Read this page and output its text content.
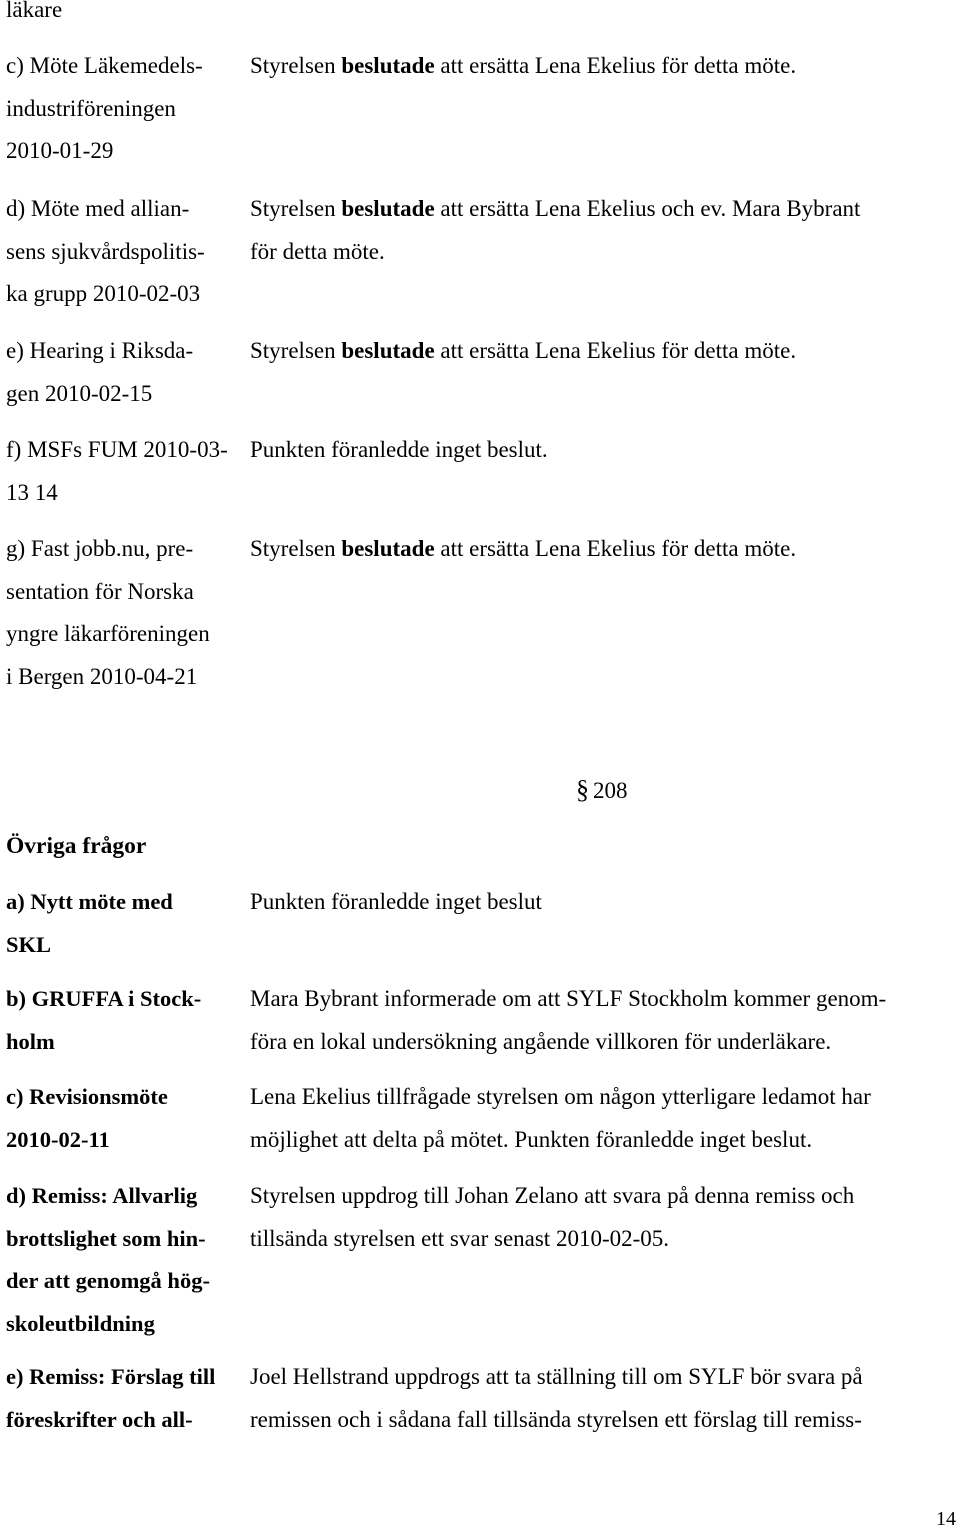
läkare
c) Möte Läkemedels-
industriföreningen
2010-01-29
Styrelsen beslutade att ersätta Lena Ekelius för detta möte.
d) Möte med allian-
sens sjukvårdspolitis-
ka grupp 2010-02-03
Styrelsen beslutade att ersätta Lena Ekelius och ev. Mara Bybrant
för detta möte.
e) Hearing i Riksda-
gen 2010-02-15
Styrelsen beslutade att ersätta Lena Ekelius för detta möte.
f) MSFs FUM 2010-03-
13 14
Punkten föranledde inget beslut.
g) Fast jobb.nu, pre-
sentation för Norska
yngre läkarföreningen
i Bergen 2010-04-21
Styrelsen beslutade att ersätta Lena Ekelius för detta möte.
§ 208
Övriga frågor
a) Nytt möte med
SKL
Punkten föranledde inget beslut
b) GRUFFA i Stock-
holm
Mara Bybrant informerade om att SYLF Stockholm kommer genom-
föra en lokal undersökning angående villkoren för underläkare.
c) Revisionsmöte
2010-02-11
Lena Ekelius tillfrågade styrelsen om någon ytterligare ledamot har
möjlighet att delta på mötet. Punkten föranledde inget beslut.
d) Remiss: Allvarlig
brottslighet som hin-
der att genomgå hög-
skoleutbildning
Styrelsen uppdrog till Johan Zelano att svara på denna remiss och
tillsända styrelsen ett svar senast 2010-02-05.
e) Remiss: Förslag till
föreskrifter och all-
Joel Hellstrand uppdrogs att ta ställning till om SYLF bör svara på
remissen och i sådana fall tillsända styrelsen ett förslag till remiss-
14
